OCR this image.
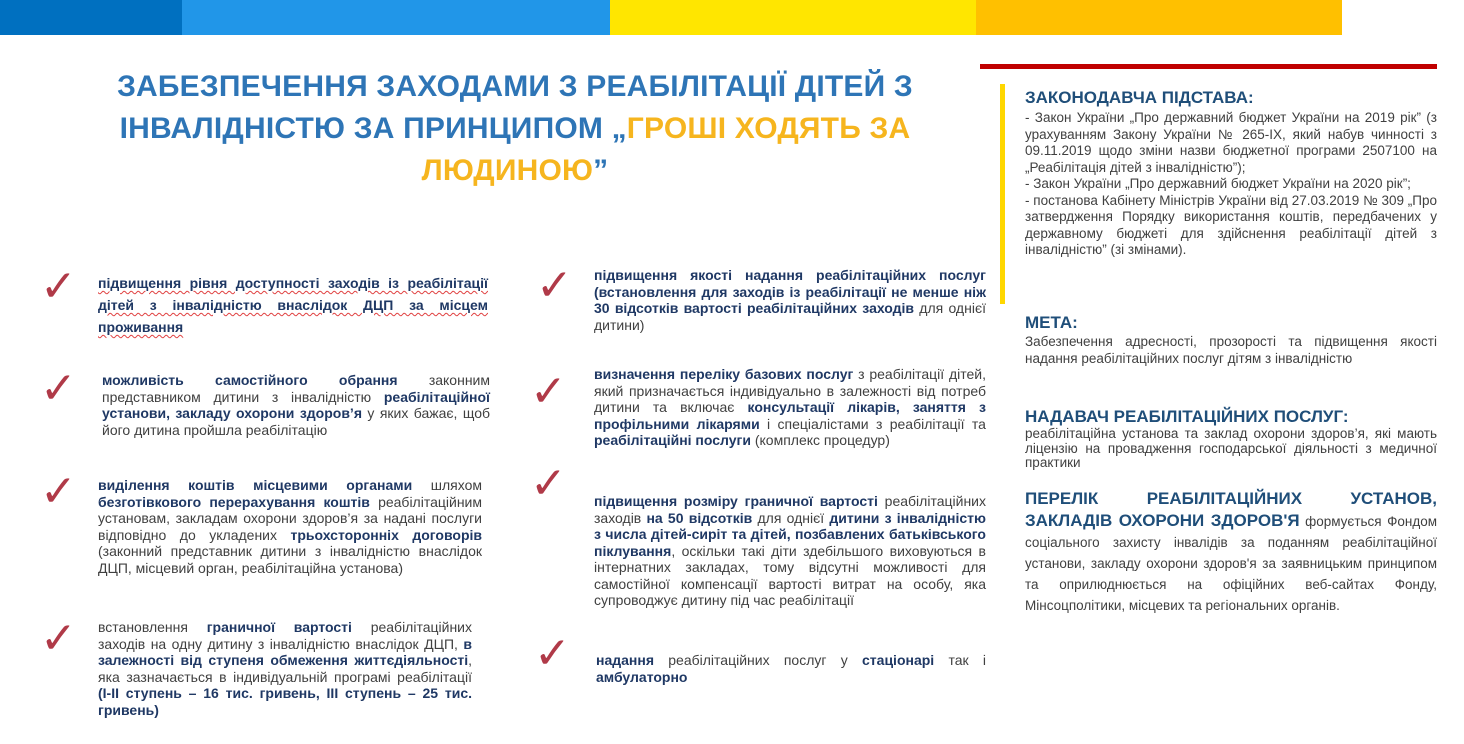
ЗАБЕЗПЕЧЕННЯ ЗАХОДАМИ З РЕАБІЛІТАЦІЇ ДІТЕЙ З
ІНВАЛІДНІСТЮ ЗА ПРИНЦИПОМ „ГРОШІ ХОДЯТЬ ЗА
ЛЮДИНОЮ”
✓ підвищення рівня доступності заходів із реабілітації дітей з інвалідністю внаслідок ДЦП за місцем проживання
✓ можливість самостійного обрання законним представником дитини з інвалідністю реабілітаційної установи, закладу охорони здоров’я у яких бажає, щоб його дитина пройшла реабілітацію
✓ виділення коштів місцевими органами шляхом безготівкового перерахування коштів реабілітаційним установам, закладам охорони здоров’я за надані послуги відповідно до укладених трьохсторонніх договорів (законний представник дитини з інвалідністю внаслідок ДЦП, місцевий орган, реабілітаційна установа)
✓ встановлення граничної вартості реабілітаційних заходів на одну дитину з інвалідністю внаслідок ДЦП, в залежності від ступеня обмеження життєдіяльності, яка зазначається в індивідуальній програмі реабілітації (І-ІІ ступень – 16 тис. гривень, ІІІ ступень – 25 тис. гривень)
✓ підвищення якості надання реабілітаційних послуг (встановлення для заходів із реабілітації не менше ніж 30 відсотків вартості реабілітаційних заходів для однієї дитини)
✓ визначення переліку базових послуг з реабілітації дітей, який призначається індивідуально в залежності від потреб дитини та включає консультації лікарів, заняття з профільними лікарями і спеціалістами з реабілітації та реабілітаційні послуги (комплекс процедур)
✓ підвищення розміру граничної вартості реабілітаційних заходів на 50 відсотків для однієї дитини з інвалідністю з числа дітей-сиріт та дітей, позбавлених батьківського піклування, оскільки такі діти здебільшого виховуються в інтернатних закладах, тому відсутні можливості для самостійної компенсації вартості витрат на особу, яка супроводжує дитину під час реабілітації
✓ надання реабілітаційних послуг у стаціонарі так і амбулаторно
ЗАКОНОДАВЧА ПІДСТАВА:
- Закон України „Про державний бюджет України на 2019 рік” (з урахуванням Закону України № 265-IX, який набув чинності з 09.11.2019 щодо зміни назви бюджетної програми 2507100 на „Реабілітація дітей з інвалідністю”);
- Закон України „Про державний бюджет України на 2020 рік”;
- постанова Кабінету Міністрів України від 27.03.2019 № 309 „Про затвердження Порядку використання коштів, передбачених у державному бюджеті для здійснення реабілітації дітей з інвалідністю” (зі змінами).
МЕТА:
Забезпечення адресності, прозорості та підвищення якості надання реабілітаційних послуг дітям з інвалідністю
НАДАВАЧ РЕАБІЛІТАЦІЙНИХ ПОСЛУГ:
реабілітаційна установа та заклад охорони здоров’я, які мають ліцензію на провадження господарської діяльності з медичної практики
ПЕРЕЛІК РЕАБІЛІТАЦІЙНИХ УСТАНОВ, ЗАКЛАДІВ ОХОРОНИ ЗДОРОВ'Я формується Фондом соціального захисту інвалідів за поданням реабілітаційної установи, закладу охорони здоров'я за заявницьким принципом та оприлюднюється на офіційних веб-сайтах Фонду, Мінсоцполітики, місцевих та регіональних органів.
